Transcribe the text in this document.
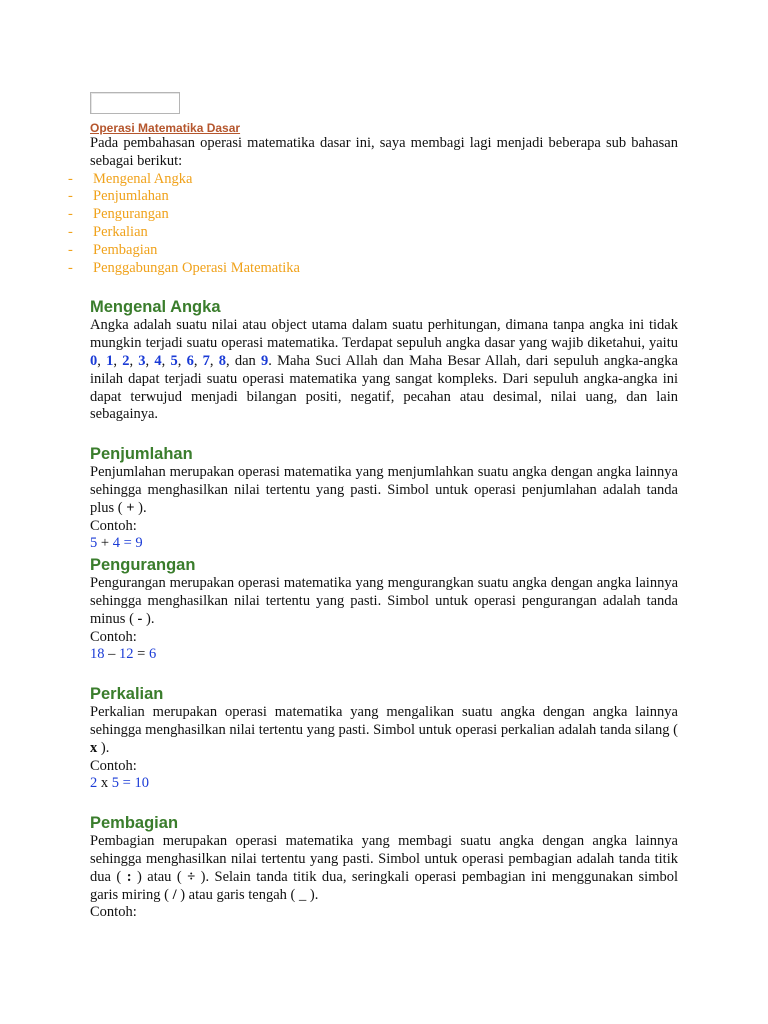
Operasi Matematika Dasar

Pada pembahasan operasi matematika dasar ini, saya membagi lagi menjadi beberapa sub bahasan sebagai berikut:

- Mengenal Angka
- Penjumlahan
- Pengurangan
- Perkalian
- Pembagian
- Penggabungan Operasi Matematika
Mengenal Angka

Angka adalah suatu nilai atau object utama dalam suatu perhitungan, dimana tanpa angka ini tidak mungkin terjadi suatu operasi matematika. Terdapat sepuluh angka dasar yang wajib diketahui, yaitu 0, 1, 2, 3, 4, 5, 6, 7, 8, dan 9. Maha Suci Allah dan Maha Besar Allah, dari sepuluh angka-angka inilah dapat terjadi suatu operasi matematika yang sangat kompleks. Dari sepuluh angka-angka ini dapat terwujud menjadi bilangan positi, negatif, pecahan atau desimal, nilai uang, dan lain sebagainya.

Penjumlahan

Penjumlahan merupakan operasi matematika yang menjumlahkan suatu angka dengan angka lainnya sehingga menghasilkan nilai tertentu yang pasti. Simbol untuk operasi penjumlahan adalah tanda plus ( + ).

Contoh:

5 + 4 = 9
Pengurangan

Pengurangan merupakan operasi matematika yang mengurangkan suatu angka dengan angka lainnya sehingga menghasilkan nilai tertentu yang pasti. Simbol untuk operasi pengurangan adalah tanda minus ( - ).

Contoh:

18 – 12 = 6
Perkalian

Perkalian merupakan operasi matematika yang mengalikan suatu angka dengan angka lainnya sehingga menghasilkan nilai tertentu yang pasti. Simbol untuk operasi perkalian adalah tanda silang ( x ).

Contoh:

2 x 5 = 10
Pembagian

Pembagian merupakan operasi matematika yang membagi suatu angka dengan angka lainnya sehingga menghasilkan nilai tertentu yang pasti. Simbol untuk operasi pembagian adalah tanda titik dua ( : ) atau ( ÷ ). Selain tanda titik dua, seringkali operasi pembagian ini menggunakan simbol garis miring ( / ) atau garis tengah ( _ ).

Contoh:
